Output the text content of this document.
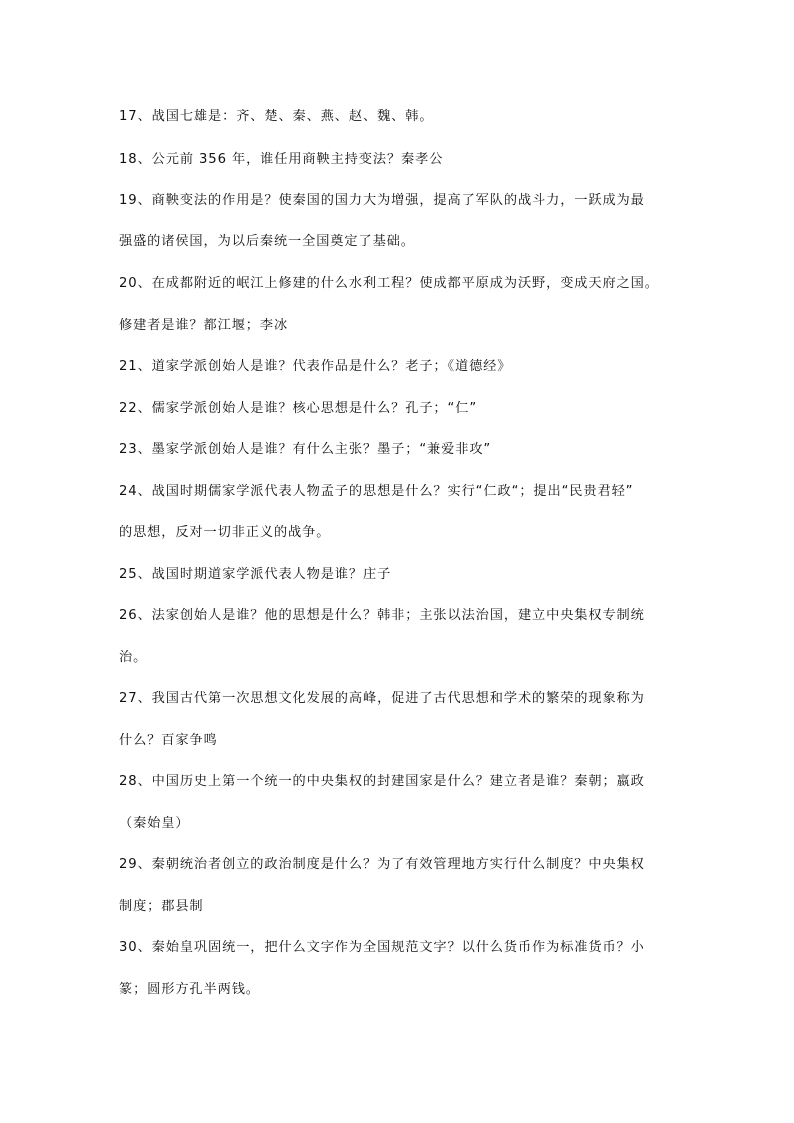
17、战国七雄是：齐、楚、秦、燕、赵、魏、韩。
18、公元前 356 年，谁任用商鞅主持变法？秦孝公
19、商鞅变法的作用是？使秦国的国力大为增强，提高了军队的战斗力，一跃成为最
强盛的诸侯国，为以后秦统一全国奠定了基础。
20、在成都附近的岷江上修建的什么水利工程？使成都平原成为沃野，变成天府之国。
修建者是谁？都江堰；李冰
21、道家学派创始人是谁？代表作品是什么？老子；《道德经》
22、儒家学派创始人是谁？核心思想是什么？孔子；“仁”
23、墨家学派创始人是谁？有什么主张？墨子；“兼爱非攻”
24、战国时期儒家学派代表人物孟子的思想是什么？实行“仁政“；提出“民贵君轻”
的思想，反对一切非正义的战争。
25、战国时期道家学派代表人物是谁？庄子
26、法家创始人是谁？他的思想是什么？韩非；主张以法治国，建立中央集权专制统
治。
27、我国古代第一次思想文化发展的高峰，促进了古代思想和学术的繁荣的现象称为
什么？百家争鸣
28、中国历史上第一个统一的中央集权的封建国家是什么？建立者是谁？秦朝；嬴政
（秦始皇）
29、秦朝统治者创立的政治制度是什么？为了有效管理地方实行什么制度？中央集权
制度；郡县制
30、秦始皇巩固统一，把什么文字作为全国规范文字？以什么货币作为标准货币？小
篆；圆形方孔半两钱。
